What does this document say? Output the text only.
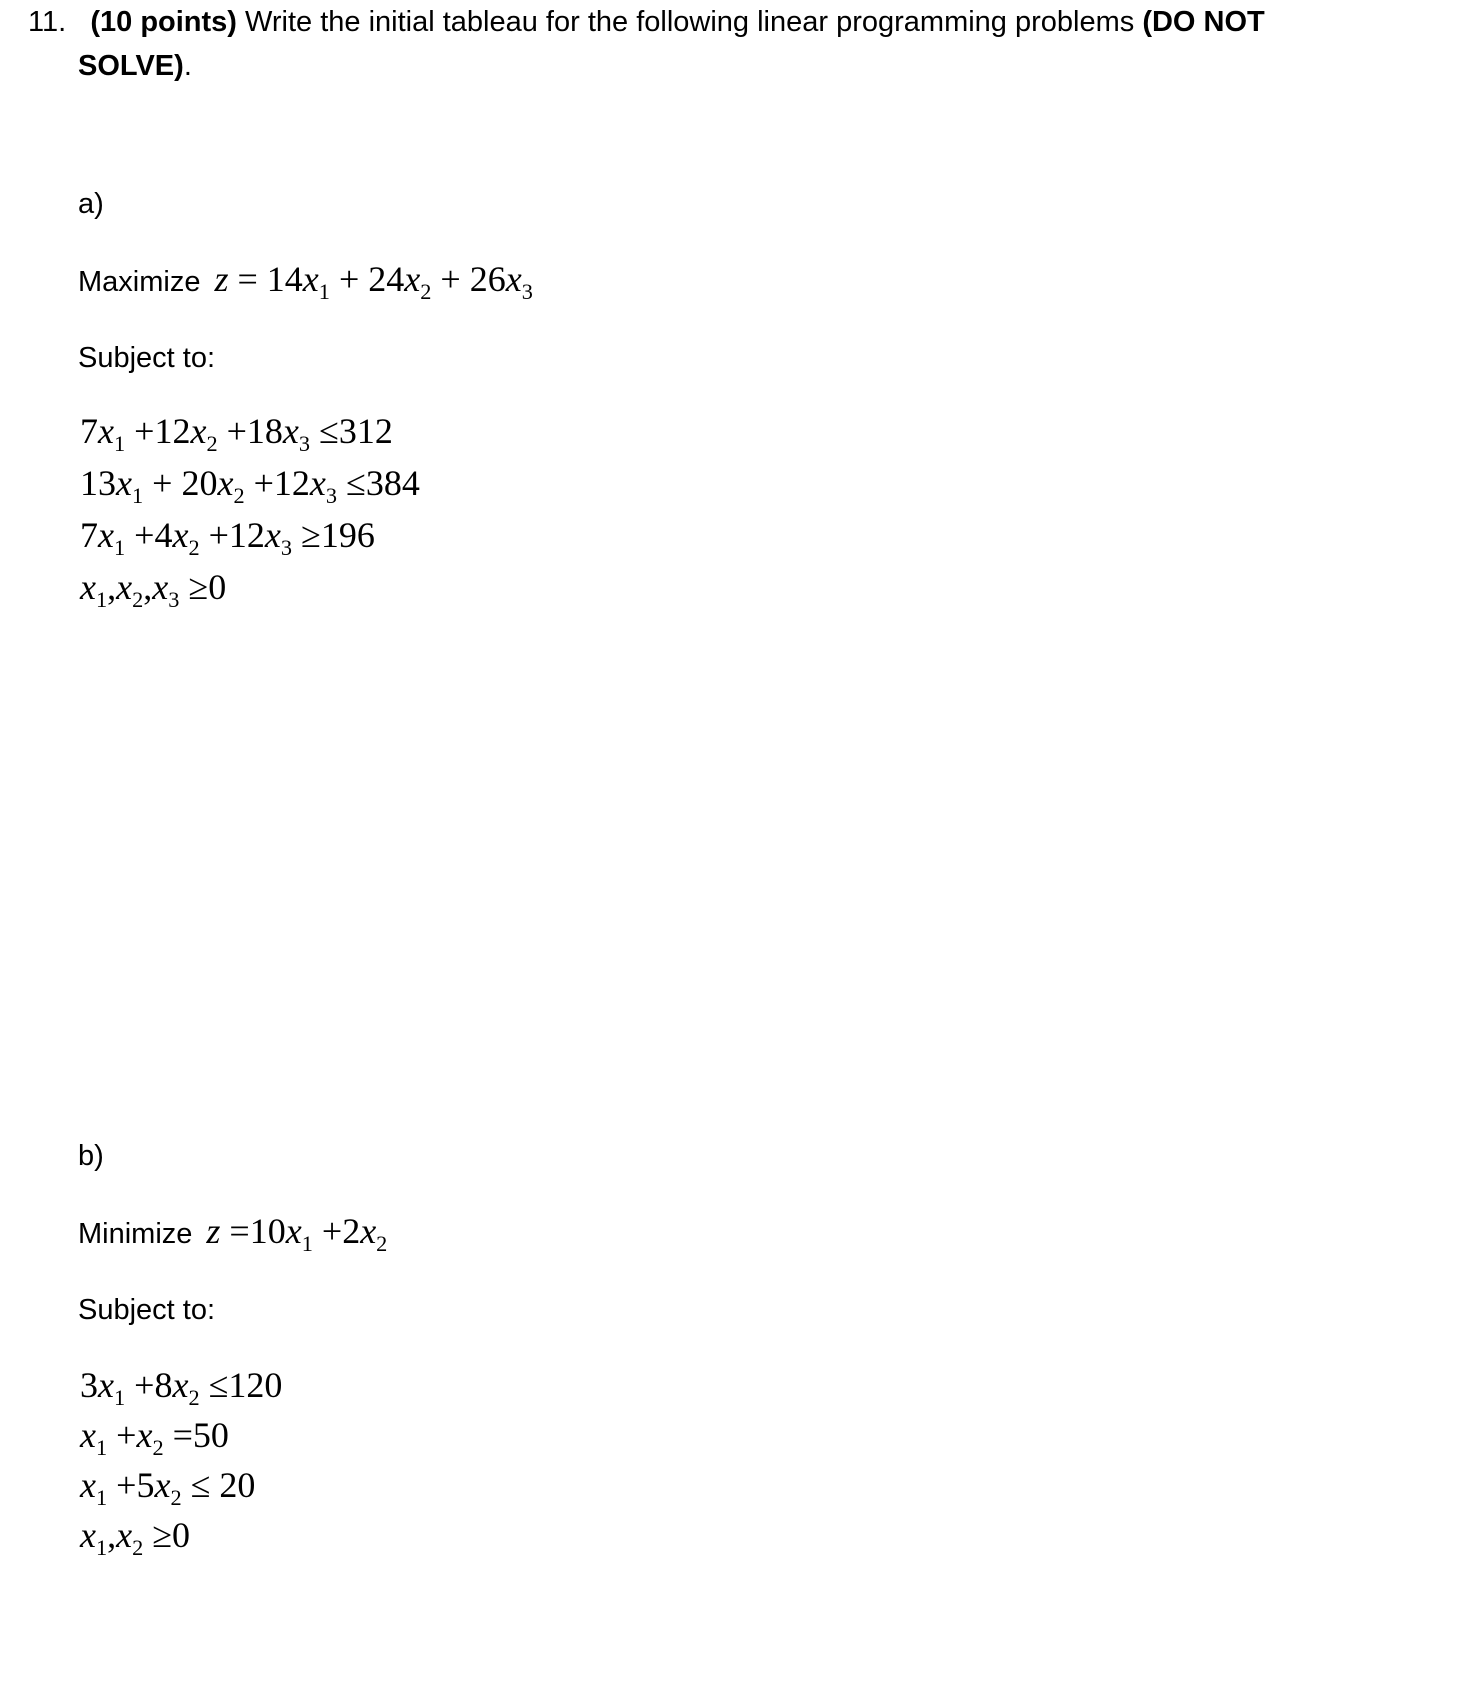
11. (10 points) Write the initial tableau for the following linear programming problems (DO NOT
SOLVE).
a)
Maximize $z = 14x_1 + 24x_2 + 26x_3$
Subject to:
$7x_1 +12x_2 +18x_3 \le 312$
$13x_1 + 20x_2 +12x_3 \le 384$
$7x_1 +4x_2 +12x_3 \ge 196$
$x_1,x_2,x_3 \ge 0$
b)
Minimize $z =10x_1 +2x_2$
Subject to:
$3x_1 +8x_2 \le 120$
$x_1 +x_2 =50$
$x_1 +5x_2 \le 20$
$x_1,x_2 \ge 0$
